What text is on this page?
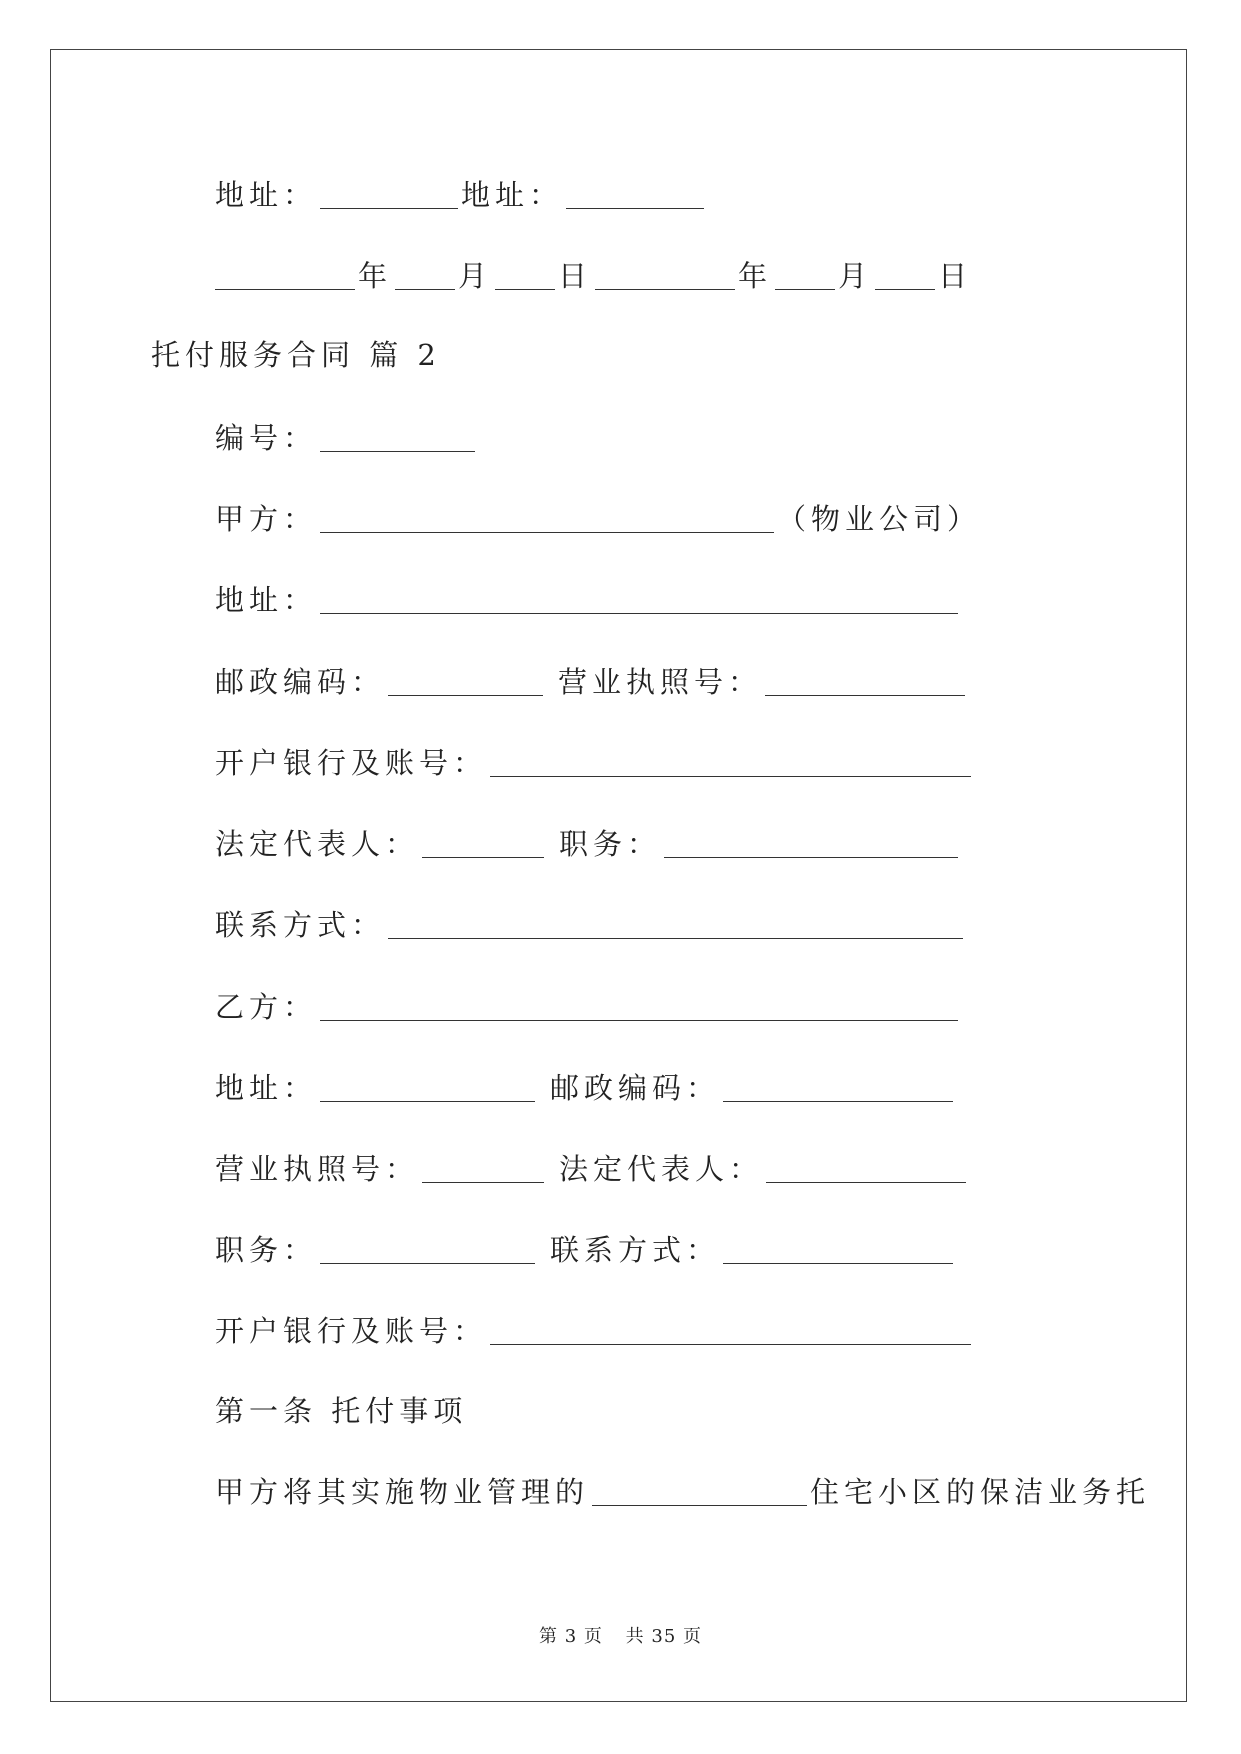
地址：	地址：
年 月 日	年 月 日
托付服务合同 篇 2
编号：
甲方：	（物业公司）
地址：
邮政编码：	营业执照号：
开户银行及账号：
法定代表人：	职务：
联系方式：
乙方：
地址：	邮政编码：
营业执照号：	法定代表人：
职务：	联系方式：
开户银行及账号：
第一条 托付事项
甲方将其实施物业管理的	住宅小区的保洁业务托
第 3 页 共 35 页
